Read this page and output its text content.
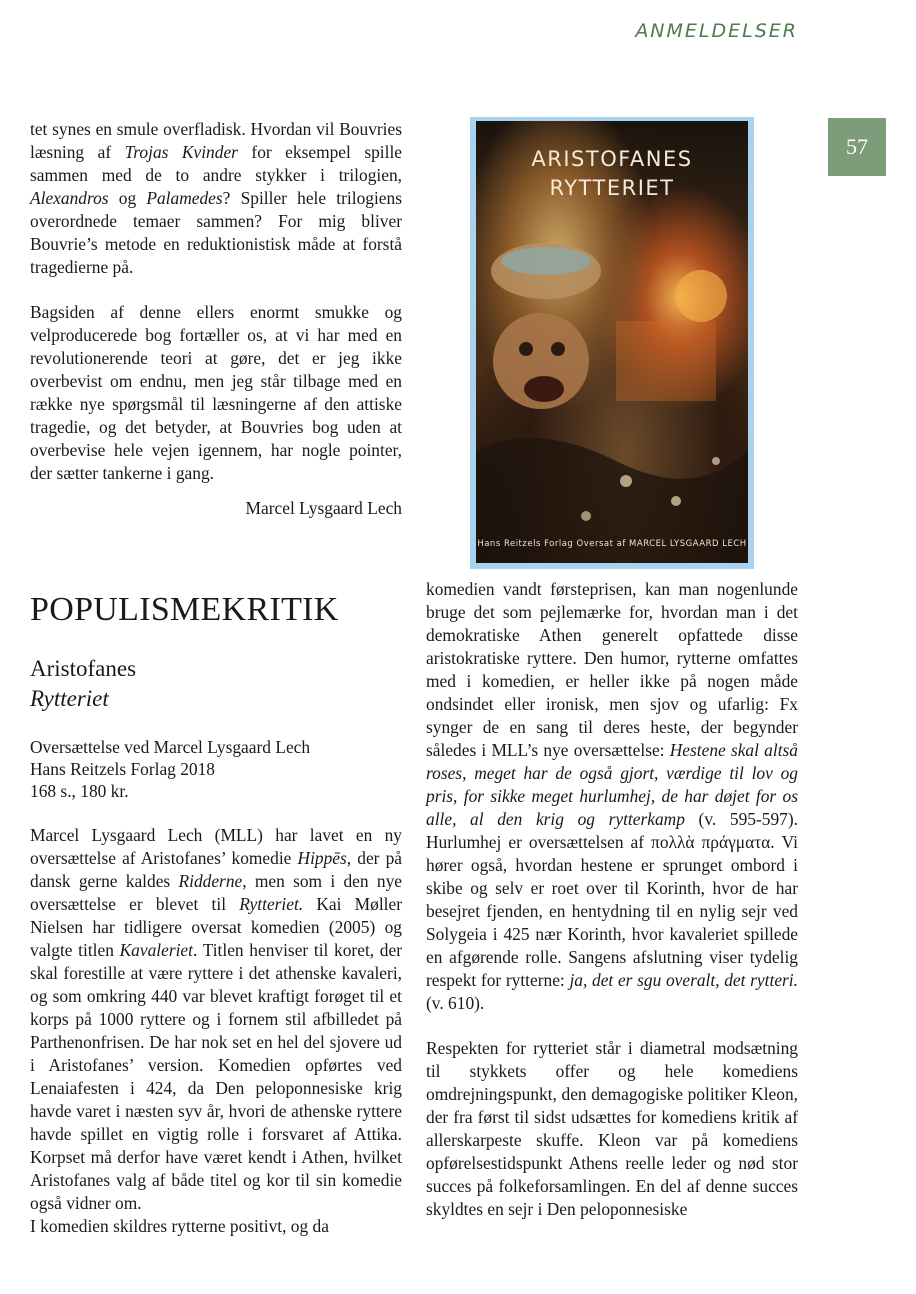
ANMELDELSER
57

tet synes en smule overfladisk. Hvordan vil Bouvries læsning af Trojas Kvinder for eksempel spille sammen med de to andre stykker i trilogien, Alexandros og Palamedes? Spiller hele trilogiens overordnede temaer sammen? For mig bliver Bouvrie’s metode en reduktionistisk måde at forstå tragedierne på.

Bagsiden af denne ellers enormt smukke og velproducerede bog fortæller os, at vi har med en revolutionerende teori at gøre, det er jeg ikke overbevist om endnu, men jeg står tilbage med en række nye spørgsmål til læsningerne af den attiske tragedie, og det betyder, at Bouvries bog uden at overbevise hele vejen igennem, har nogle pointer, der sætter tankerne i gang.

Marcel Lysgaard Lech

ARISTOFANES
RYTTERIET
Hans Reitzels Forlag Oversat af MARCEL LYSGAARD LECH
POPULISMEKRITIK

Aristofanes

Rytteriet

Oversættelse ved Marcel Lysgaard Lech

Hans Reitzels Forlag 2018

168 s., 180 kr.

Marcel Lysgaard Lech (MLL) har lavet en ny oversættelse af Aristofanes’ komedie Hippēs, der på dansk gerne kaldes Ridderne, men som i den nye oversættelse er blevet til Rytteriet. Kai Møller Nielsen har tidligere oversat komedien (2005) og valgte titlen Kavaleriet. Titlen henviser til koret, der skal forestille at være ryttere i det athenske kavaleri, og som omkring 440 var blevet kraftigt forøget til et korps på 1000 ryttere og i fornem stil afbilledet på Parthenonfrisen. De har nok set en hel del sjovere ud i Aristofanes’ version. Komedien opførtes ved Lenaiafesten i 424, da Den peloponnesiske krig havde varet i næsten syv år, hvori de athenske ryttere havde spillet en vigtig rolle i forsvaret af Attika. Korpset må derfor have været kendt i Athen, hvilket Aristofanes valg af både titel og kor til sin komedie også vidner om.

I komedien skildres rytterne positivt, og da

komedien vandt førsteprisen, kan man nogenlunde bruge det som pejlemærke for, hvordan man i det demokratiske Athen generelt opfattede disse aristokratiske ryttere. Den humor, rytterne omfattes med i komedien, er heller ikke på nogen måde ondsindet eller ironisk, men sjov og ufarlig: Fx synger de en sang til deres heste, der begynder således i MLL’s nye oversættelse: Hestene skal altså roses, meget har de også gjort, værdige til lov og pris, for sikke meget hurlumhej, de har døjet for os alle, al den krig og rytterkamp (v. 595-597). Hurlumhej er oversættelsen af πολλὰ πράγματα. Vi hører også, hvordan hestene er sprunget ombord i skibe og selv er roet over til Korinth, hvor de har besejret fjenden, en hentydning til en nylig sejr ved Solygeia i 425 nær Korinth, hvor kavaleriet spillede en afgørende rolle. Sangens afslutning viser tydelig respekt for rytterne: ja, det er sgu overalt, det rytteri. (v. 610).

Respekten for rytteriet står i diametral modsætning til stykkets offer og hele komediens omdrejningspunkt, den demagogiske politiker Kleon, der fra først til sidst udsættes for komediens kritik af allerskarpeste skuffe. Kleon var på komediens opførelsestidspunkt Athens reelle leder og nød stor succes på folkeforsamlingen. En del af denne succes skyldtes en sejr i Den peloponnesiske
